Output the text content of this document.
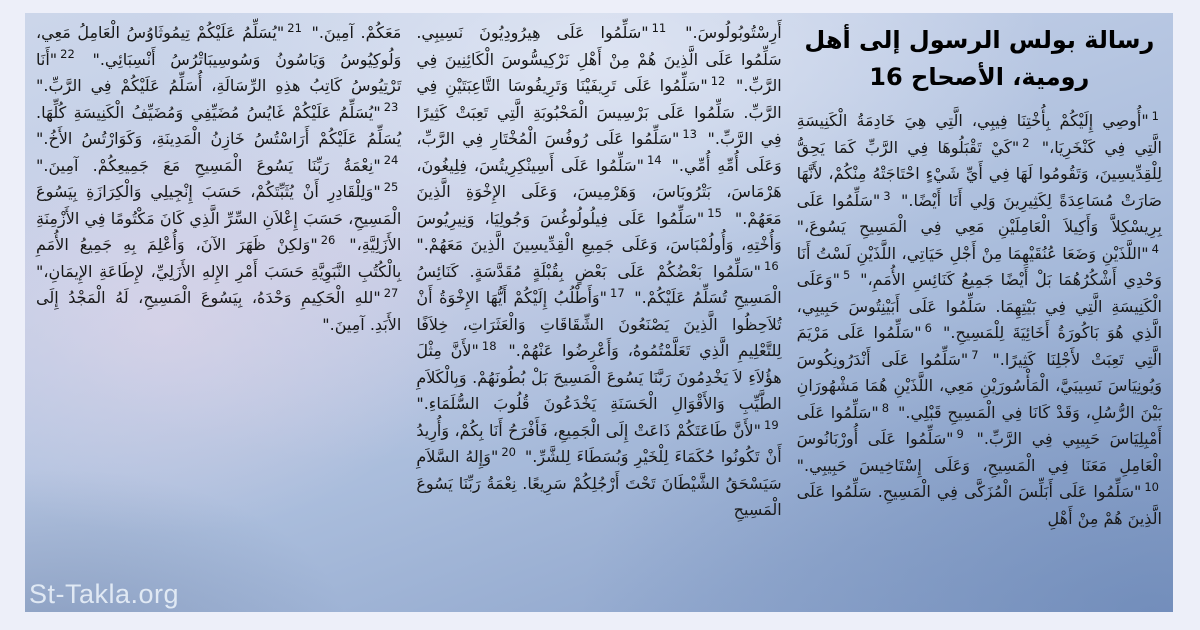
رسالة بولس الرسول إلى أهل رومية، الأصحاح 16

$^1$"أُوصِي إِلَيْكُمْ بِأُخْتِنَا فِيبِي، الَّتِي هِيَ خَادِمَةُ الْكَنِيسَةِ الَّتِي فِي كَنْخَرِيَا،" $^2$"كَيْ تَقْبَلُوهَا فِي الرَّبِّ كَمَا يَحِقُّ لِلْقِدِّيسِينَ، وَتَقُومُوا لَهَا فِي أَيِّ شَيْءٍ احْتَاجَتْهُ مِنْكُمْ، لأَنَّهَا صَارَتْ مُسَاعِدَةً لِكَثِيرِينَ وَلِي أَنَا أَيْضًا." $^3$"سَلِّمُوا عَلَى بِرِيسْكِلاَّ وَأَكِيلاَ الْعَامِلَيْنِ مَعِي فِي الْمَسِيحِ يَسُوعَ،" $^4$"اللَّذَيْنِ وَضَعَا عُنُقَيْهِمَا مِنْ أَجْلِ حَيَاتِي، اللَّذَيْنِ لَسْتُ أَنَا وَحْدِي أَشْكُرُهُمَا بَلْ أَيْضًا جَمِيعُ كَنَائِسِ الأُمَمِ،" $^5$"وَعَلَى الْكَنِيسَةِ الَّتِي فِي بَيْتِهِمَا. سَلِّمُوا عَلَى أَبَيْنِتُوسَ حَبِيبِي، الَّذِي هُوَ بَاكُورَةُ أَخَائِيَةَ لِلْمَسِيحِ." $^6$"سَلِّمُوا عَلَى مَرْيَمَ الَّتِي تَعِبَتْ لأَجْلِنَا كَثِيرًا." $^7$"سَلِّمُوا عَلَى أَنْدَرُونِكُوسَ وَيُونِيَاسَ نَسِيبَيَّ، الْمَأْسُورَيْنِ مَعِي، اللَّذَيْنِ هُمَا مَشْهُورَانِ بَيْنَ الرُّسُلِ، وَقَدْ كَانَا فِي الْمَسِيحِ قَبْلِي." $^8$"سَلِّمُوا عَلَى أَمْبِلِيَاسَ حَبِيبِي فِي الرَّبِّ." $^9$"سَلِّمُوا عَلَى أُورْبَانُوسَ الْعَامِلِ مَعَنَا فِي الْمَسِيحِ، وَعَلَى إِسْتَاخِيسَ حَبِيبِي." $^{10}$"سَلِّمُوا عَلَى أَبَلِّسَ الْمُزَكَّى فِي الْمَسِيحِ. سَلِّمُوا عَلَى الَّذِينَ هُمْ مِنْ أَهْلِ

أَرِسْتُوبُولُوسَ." $^{11}$"سَلِّمُوا عَلَى هِيرُودِيُونَ نَسِيبِي. سَلِّمُوا عَلَى الَّذِينَ هُمْ مِنْ أَهْلِ نَرْكِيسُّوسَ الْكَائِنِينَ فِي الرَّبِّ." $^{12}$"سَلِّمُوا عَلَى تَرِيفَيْنَا وَتَرِيفُوسَا التَّاعِبَتَيْنِ فِي الرَّبِّ. سَلِّمُوا عَلَى بَرْسِيسَ الْمَحْبُوبَةِ الَّتِي تَعِبَتْ كَثِيرًا فِي الرَّبِّ." $^{13}$"سَلِّمُوا عَلَى رُوفُسَ الْمُخْتَارِ فِي الرَّبِّ، وَعَلَى أُمِّهِ أُمِّي." $^{14}$"سَلِّمُوا عَلَى أَسِينْكِرِيتُسَ، فِلِيغُونَ، هَرْمَاسَ، بَتْرُوبَاسَ، وَهَرْمِيسَ، وَعَلَى الإِخْوَةِ الَّذِينَ مَعَهُمْ." $^{15}$"سَلِّمُوا عَلَى فِيلُولُوغُسَ وَجُولِيَا، وَنِيرِيُوسَ وَأُخْتِهِ، وَأُولُمْبَاسَ، وَعَلَى جَمِيعِ الْقِدِّيسِينَ الَّذِينَ مَعَهُمْ." $^{16}$"سَلِّمُوا بَعْضُكُمْ عَلَى بَعْضٍ بِقُبْلَةٍ مُقَدَّسَةٍ. كَنَائِسُ الْمَسِيحِ تُسَلِّمُ عَلَيْكُمْ." $^{17}$"وَأَطْلُبُ إِلَيْكُمْ أَيُّهَا الإِخْوَةُ أَنْ تُلاَحِظُوا الَّذِينَ يَصْنَعُونَ الشِّقَاقَاتِ وَالْعَثَرَاتِ، خِلاَفًا لِلتَّعْلِيمِ الَّذِي تَعَلَّمْتُمُوهُ، وَأَعْرِضُوا عَنْهُمْ." $^{18}$"لأَنَّ مِثْلَ هؤُلاَءِ لاَ يَخْدِمُونَ رَبَّنَا يَسُوعَ الْمَسِيحَ بَلْ بُطُونَهُمْ. وَبِالْكَلاَمِ الطَّيِّبِ وَالأَقْوَالِ الْحَسَنَةِ يَخْدَعُونَ قُلُوبَ السُّلَمَاءِ." $^{19}$"لأَنَّ طَاعَتَكُمْ ذَاعَتْ إِلَى الْجَمِيعِ، فَأَفْرَحُ أَنَا بِكُمْ، وَأُرِيدُ أَنْ تَكُونُوا حُكَمَاءَ لِلْخَيْرِ وَبُسَطَاءَ لِلشَّرِّ." $^{20}$"وَإِلهُ السَّلاَمِ سَيَسْحَقُ الشَّيْطَانَ تَحْتَ أَرْجُلِكُمْ سَرِيعًا. نِعْمَةُ رَبِّنَا يَسُوعَ الْمَسِيحِ

مَعَكُمْ. آمِينَ." $^{21}$"يُسَلِّمُ عَلَيْكُمْ تِيمُوثَاوُسُ الْعَامِلُ مَعِي، وَلُوكِيُوسُ وَيَاسُونُ وَسُوسِيبَاتْرُسُ أَنْسِبَائِي." $^{22}$"أَنَا تَرْتِيُوسُ كَاتِبُ هذِهِ الرِّسَالَةِ، أُسَلِّمُ عَلَيْكُمْ فِي الرَّبِّ." $^{23}$"يُسَلِّمُ عَلَيْكُمْ غَايُسُ مُضَيِّفِي وَمُضَيِّفُ الْكَنِيسَةِ كُلِّهَا. يُسَلِّمُ عَلَيْكُمْ أَرَاسْتُسُ خَازِنُ الْمَدِينَةِ، وَكَوَارْتُسُ الأَخُ." $^{24}$"نِعْمَةُ رَبِّنَا يَسُوعَ الْمَسِيحِ مَعَ جَمِيعِكُمْ. آمِينَ." $^{25}$"وَلِلْقَادِرِ أَنْ يُثَبِّتَكُمْ، حَسَبَ إِنْجِيلِي وَالْكِرَازَةِ بِيَسُوعَ الْمَسِيحِ، حَسَبَ إِعْلاَنِ السِّرِّ الَّذِي كَانَ مَكْتُومًا فِي الأَزْمِنَةِ الأَزَلِيَّةِ،" $^{26}$"وَلكِنْ ظَهَرَ الآنَ، وَأُعْلِمَ بِهِ جَمِيعُ الأُمَمِ بِالْكُتُبِ النَّبَوِيَّةِ حَسَبَ أَمْرِ الإِلهِ الأَزَلِيِّ، لإِطَاعَةِ الإِيمَانِ،" $^{27}$"للهِ الْحَكِيمِ وَحْدَهُ، بِيَسُوعَ الْمَسِيحِ، لَهُ الْمَجْدُ إِلَى الأَبَدِ. آمِينَ."

St-Takla.org
